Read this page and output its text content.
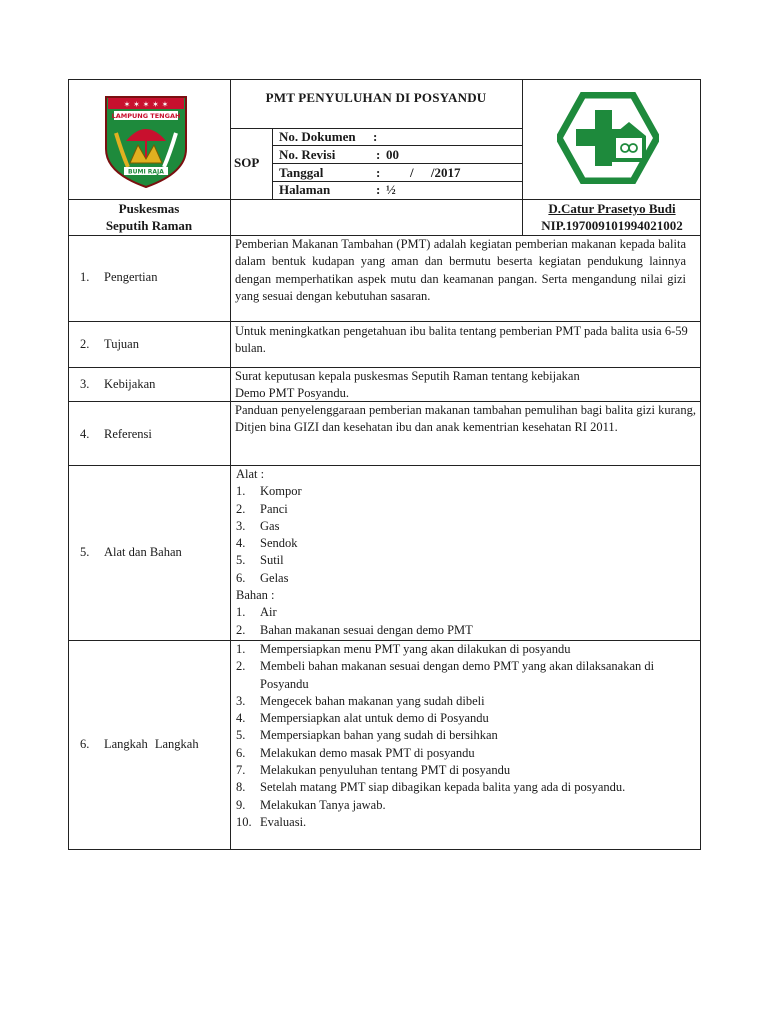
✶ ✶ ✶ ✶ ✶
LAMPUNG TENGAH
BUMI RAJA
PMT PENYULUHAN DI POSYANDU
SOP
No. Dokumen :
No. Revisi	: 00
Tanggal	: / /2017
Halaman	: ½
Puskesmas
Seputih Raman
D.Catur Prasetyo Budi
NIP.197009101994021002
1. Pengertian
Pemberian Makanan Tambahan (PMT) adalah kegiatan pemberian makanan kepada balita dalam bentuk kudapan yang aman dan bermutu beserta kegiatan pendukung lainnya dengan memperhatikan aspek mutu dan keamanan pangan. Serta mengandung nilai gizi yang sesuai dengan kebutuhan sasaran.
2. Tujuan
Untuk meningkatkan pengetahuan ibu balita tentang pemberian PMT pada balita usia 6-59 bulan.
3. Kebijakan
Surat keputusan kepala puskesmas Seputih Raman tentang kebijakan
Demo PMT Posyandu.
4. Referensi
Panduan penyelenggaraan pemberian makanan tambahan pemulihan bagi balita gizi kurang, Ditjen bina GIZI dan kesehatan ibu dan anak kementrian kesehatan RI 2011.
5. Alat dan Bahan
Alat :
1. Kompor
2. Panci
3. Gas
4. Sendok
5. Sutil
6. Gelas
Bahan :
1. Air
2. Bahan makanan sesuai dengan demo PMT
6. Langkah Langkah
1. Mempersiapkan menu PMT yang akan dilakukan di posyandu
2. Membeli bahan makanan sesuai dengan demo PMT yang akan dilaksanakan di Posyandu
3. Mengecek bahan makanan yang sudah dibeli
4. Mempersiapkan alat untuk demo di Posyandu
5. Mempersiapkan bahan yang sudah di bersihkan
6. Melakukan demo masak PMT di posyandu
7. Melakukan penyuluhan tentang PMT di posyandu
8. Setelah matang PMT siap dibagikan kepada balita yang ada di posyandu.
9. Melakukan Tanya jawab.
10. Evaluasi.
